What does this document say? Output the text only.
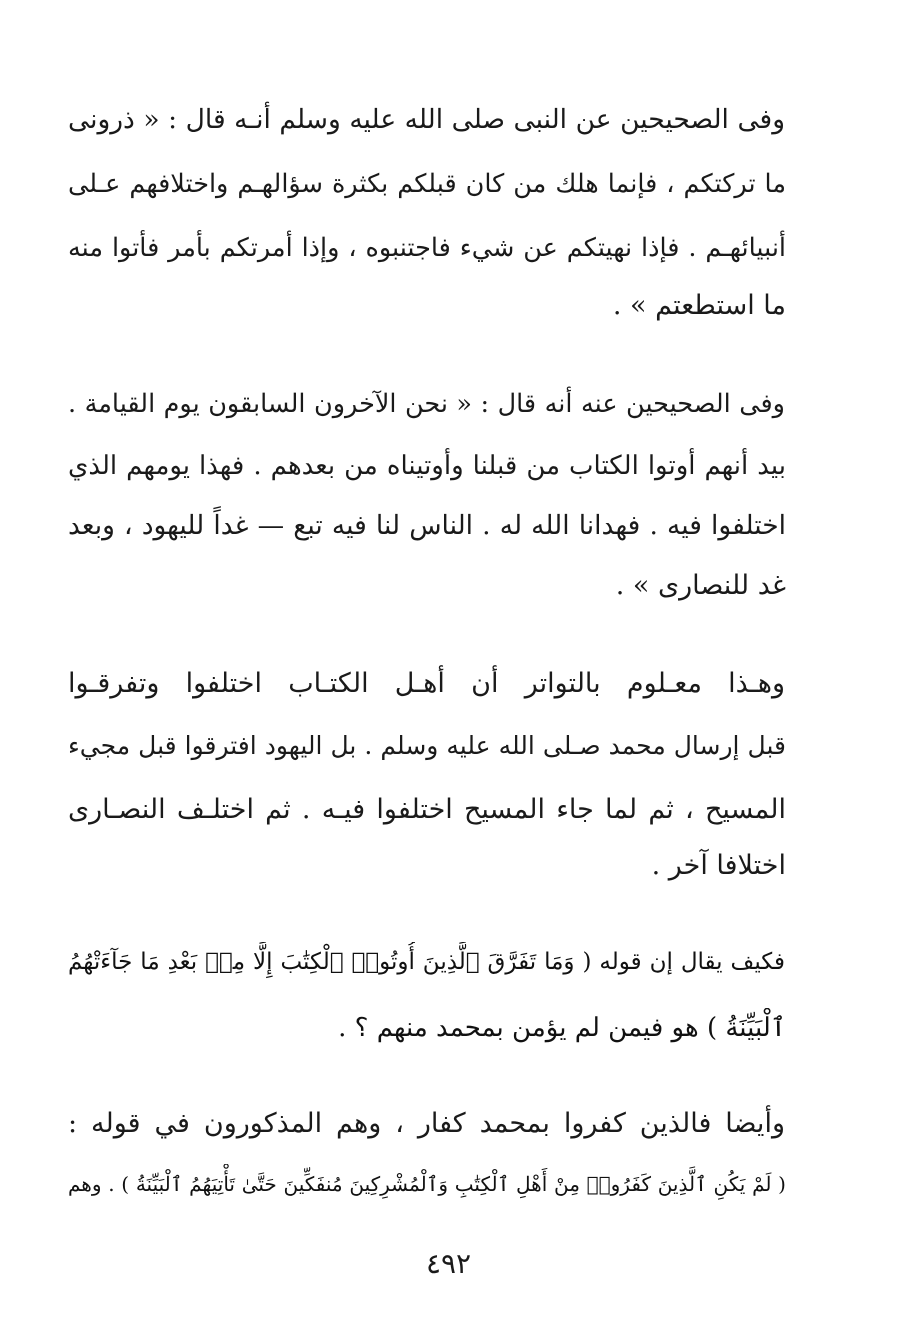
وفى الصحيحين عن النبى صلى الله عليه وسلم أنـه قال : « ذرونى
ما تركتكم ، فإنما هلك من كان قبلكم بكثرة سؤالهـم واختلافهم عـلى
أنبيائهـم . فإذا نهيتكم عن شيء فاجتنبوه ، وإذا أمرتكم بأمر فأتوا منه
ما استطعتم » .
وفى الصحيحين عنه أنه قال : « نحن الآخرون السابقون يوم القيامة .
بيد أنهم أوتوا الكتاب من قبلنا وأوتيناه من بعدهم . فهذا يومهم الذي
اختلفوا فيه . فهدانا الله له . الناس لنا فيه تبع — غداً لليهود ، وبعد
غد للنصارى » .
وهـذا معـلوم بالتواتر أن أهـل الكتـاب اختلفوا وتفرقـوا
قبل إرسال محمد صـلى الله عليه وسلم . بل اليهود افترقوا قبل مجيء
المسيح ، ثم لما جاء المسيح اختلفوا فيـه . ثم اختلـف النصـارى
اختلافا آخر .
فكيف يقال إن قوله ( وَمَا تَفَرَّقَ ٱلَّذِينَ أُوتُوا۟ ٱلْكِتَٰبَ إِلَّا مِنۢ بَعْدِ مَا جَآءَتْهُمُ
ٱلْبَيِّنَةُ ) هو فيمن لم يؤمن بمحمد منهم ؟ .
وأيضا فالذين كفروا بمحمد كفار ، وهم المذكورون في قوله :
( لَمْ يَكُنِ ٱلَّذِينَ كَفَرُوا۟ مِنْ أَهْلِ ٱلْكِتَٰبِ وَٱلْمُشْرِكِينَ مُنفَكِّينَ حَتَّىٰ تَأْتِيَهُمُ ٱلْبَيِّنَةُ ) . وهم
٤٩٢
